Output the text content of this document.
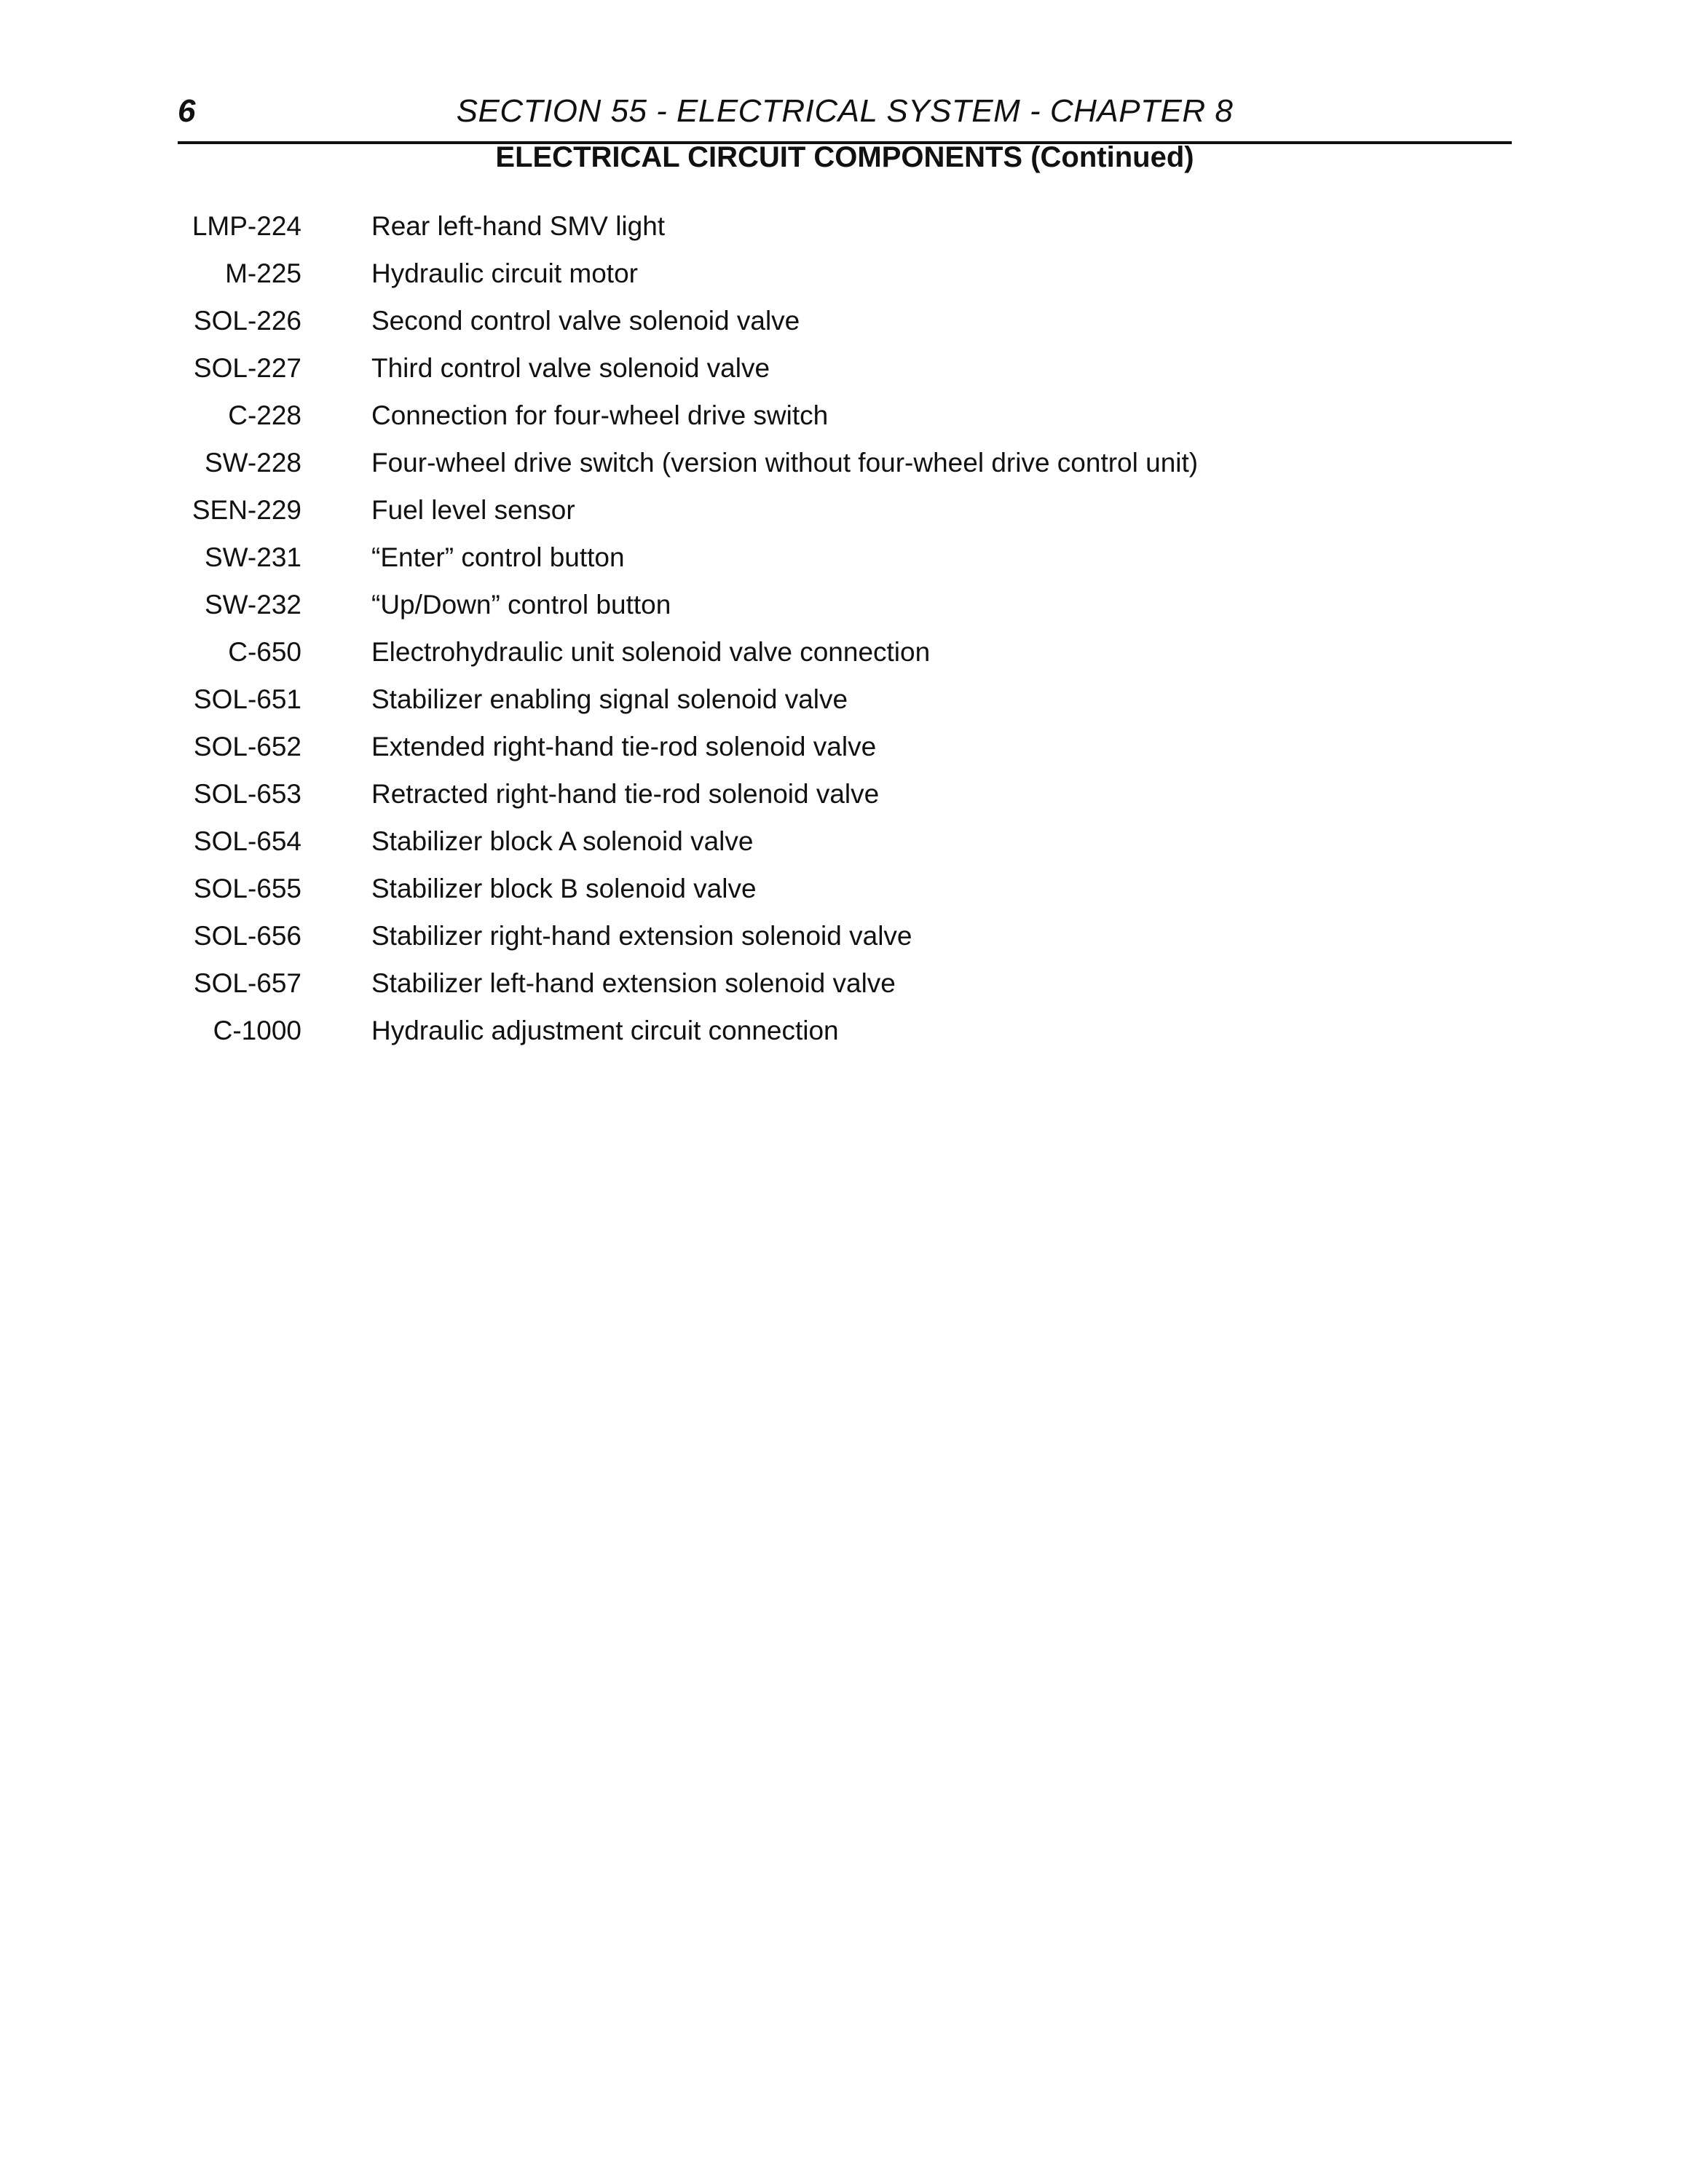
6	SECTION 55 - ELECTRICAL SYSTEM - CHAPTER 8
ELECTRICAL CIRCUIT COMPONENTS (Continued)
LMP-224	Rear left-hand SMV light
M-225	Hydraulic circuit motor
SOL-226	Second control valve solenoid valve
SOL-227	Third control valve solenoid valve
C-228	Connection for four-wheel drive switch
SW-228	Four-wheel drive switch (version without four-wheel drive control unit)
SEN-229	Fuel level sensor
SW-231	“Enter” control button
SW-232	“Up/Down” control button
C-650	Electrohydraulic unit solenoid valve connection
SOL-651	Stabilizer enabling signal solenoid valve
SOL-652	Extended right-hand tie-rod solenoid valve
SOL-653	Retracted right-hand tie-rod solenoid valve
SOL-654	Stabilizer block A solenoid valve
SOL-655	Stabilizer block B solenoid valve
SOL-656	Stabilizer right-hand extension solenoid valve
SOL-657	Stabilizer left-hand extension solenoid valve
C-1000	Hydraulic adjustment circuit connection
